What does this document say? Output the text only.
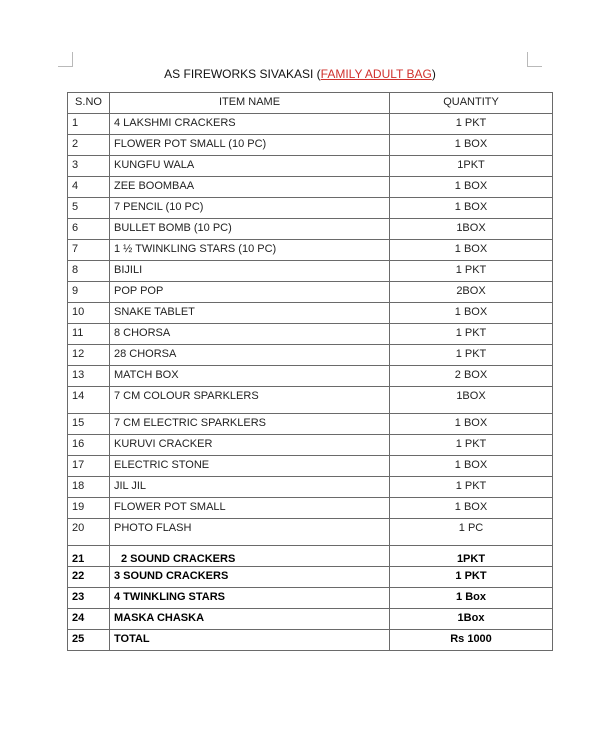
AS FIREWORKS SIVAKASI (FAMILY ADULT BAG)
S.NO	ITEM NAME	QUANTITY
1	4 LAKSHMI CRACKERS	1 PKT
2	FLOWER POT SMALL (10 PC)	1 BOX
3	KUNGFU WALA	1PKT
4	ZEE BOOMBAA	1 BOX
5	7 PENCIL (10 PC)	1 BOX
6	BULLET BOMB (10 PC)	1BOX
7	1 ½ TWINKLING STARS (10 PC)	1 BOX
8	BIJILI	1 PKT
9	POP POP	2BOX
10	SNAKE TABLET	1 BOX
11	8 CHORSA	1 PKT
12	28 CHORSA	1 PKT
13	MATCH BOX	2 BOX
14	7 CM COLOUR SPARKLERS	1BOX
15	7 CM ELECTRIC SPARKLERS	1 BOX
16	KURUVI CRACKER	1 PKT
17	ELECTRIC STONE	1 BOX
18	JIL JIL	1 PKT
19	FLOWER POT SMALL	1 BOX
20	PHOTO FLASH	1 PC
21	2 SOUND CRACKERS	1PKT
22	3 SOUND CRACKERS	1 PKT
23	4 TWINKLING STARS	1 Box
24	MASKA CHASKA	1Box
25	TOTAL	Rs 1000
